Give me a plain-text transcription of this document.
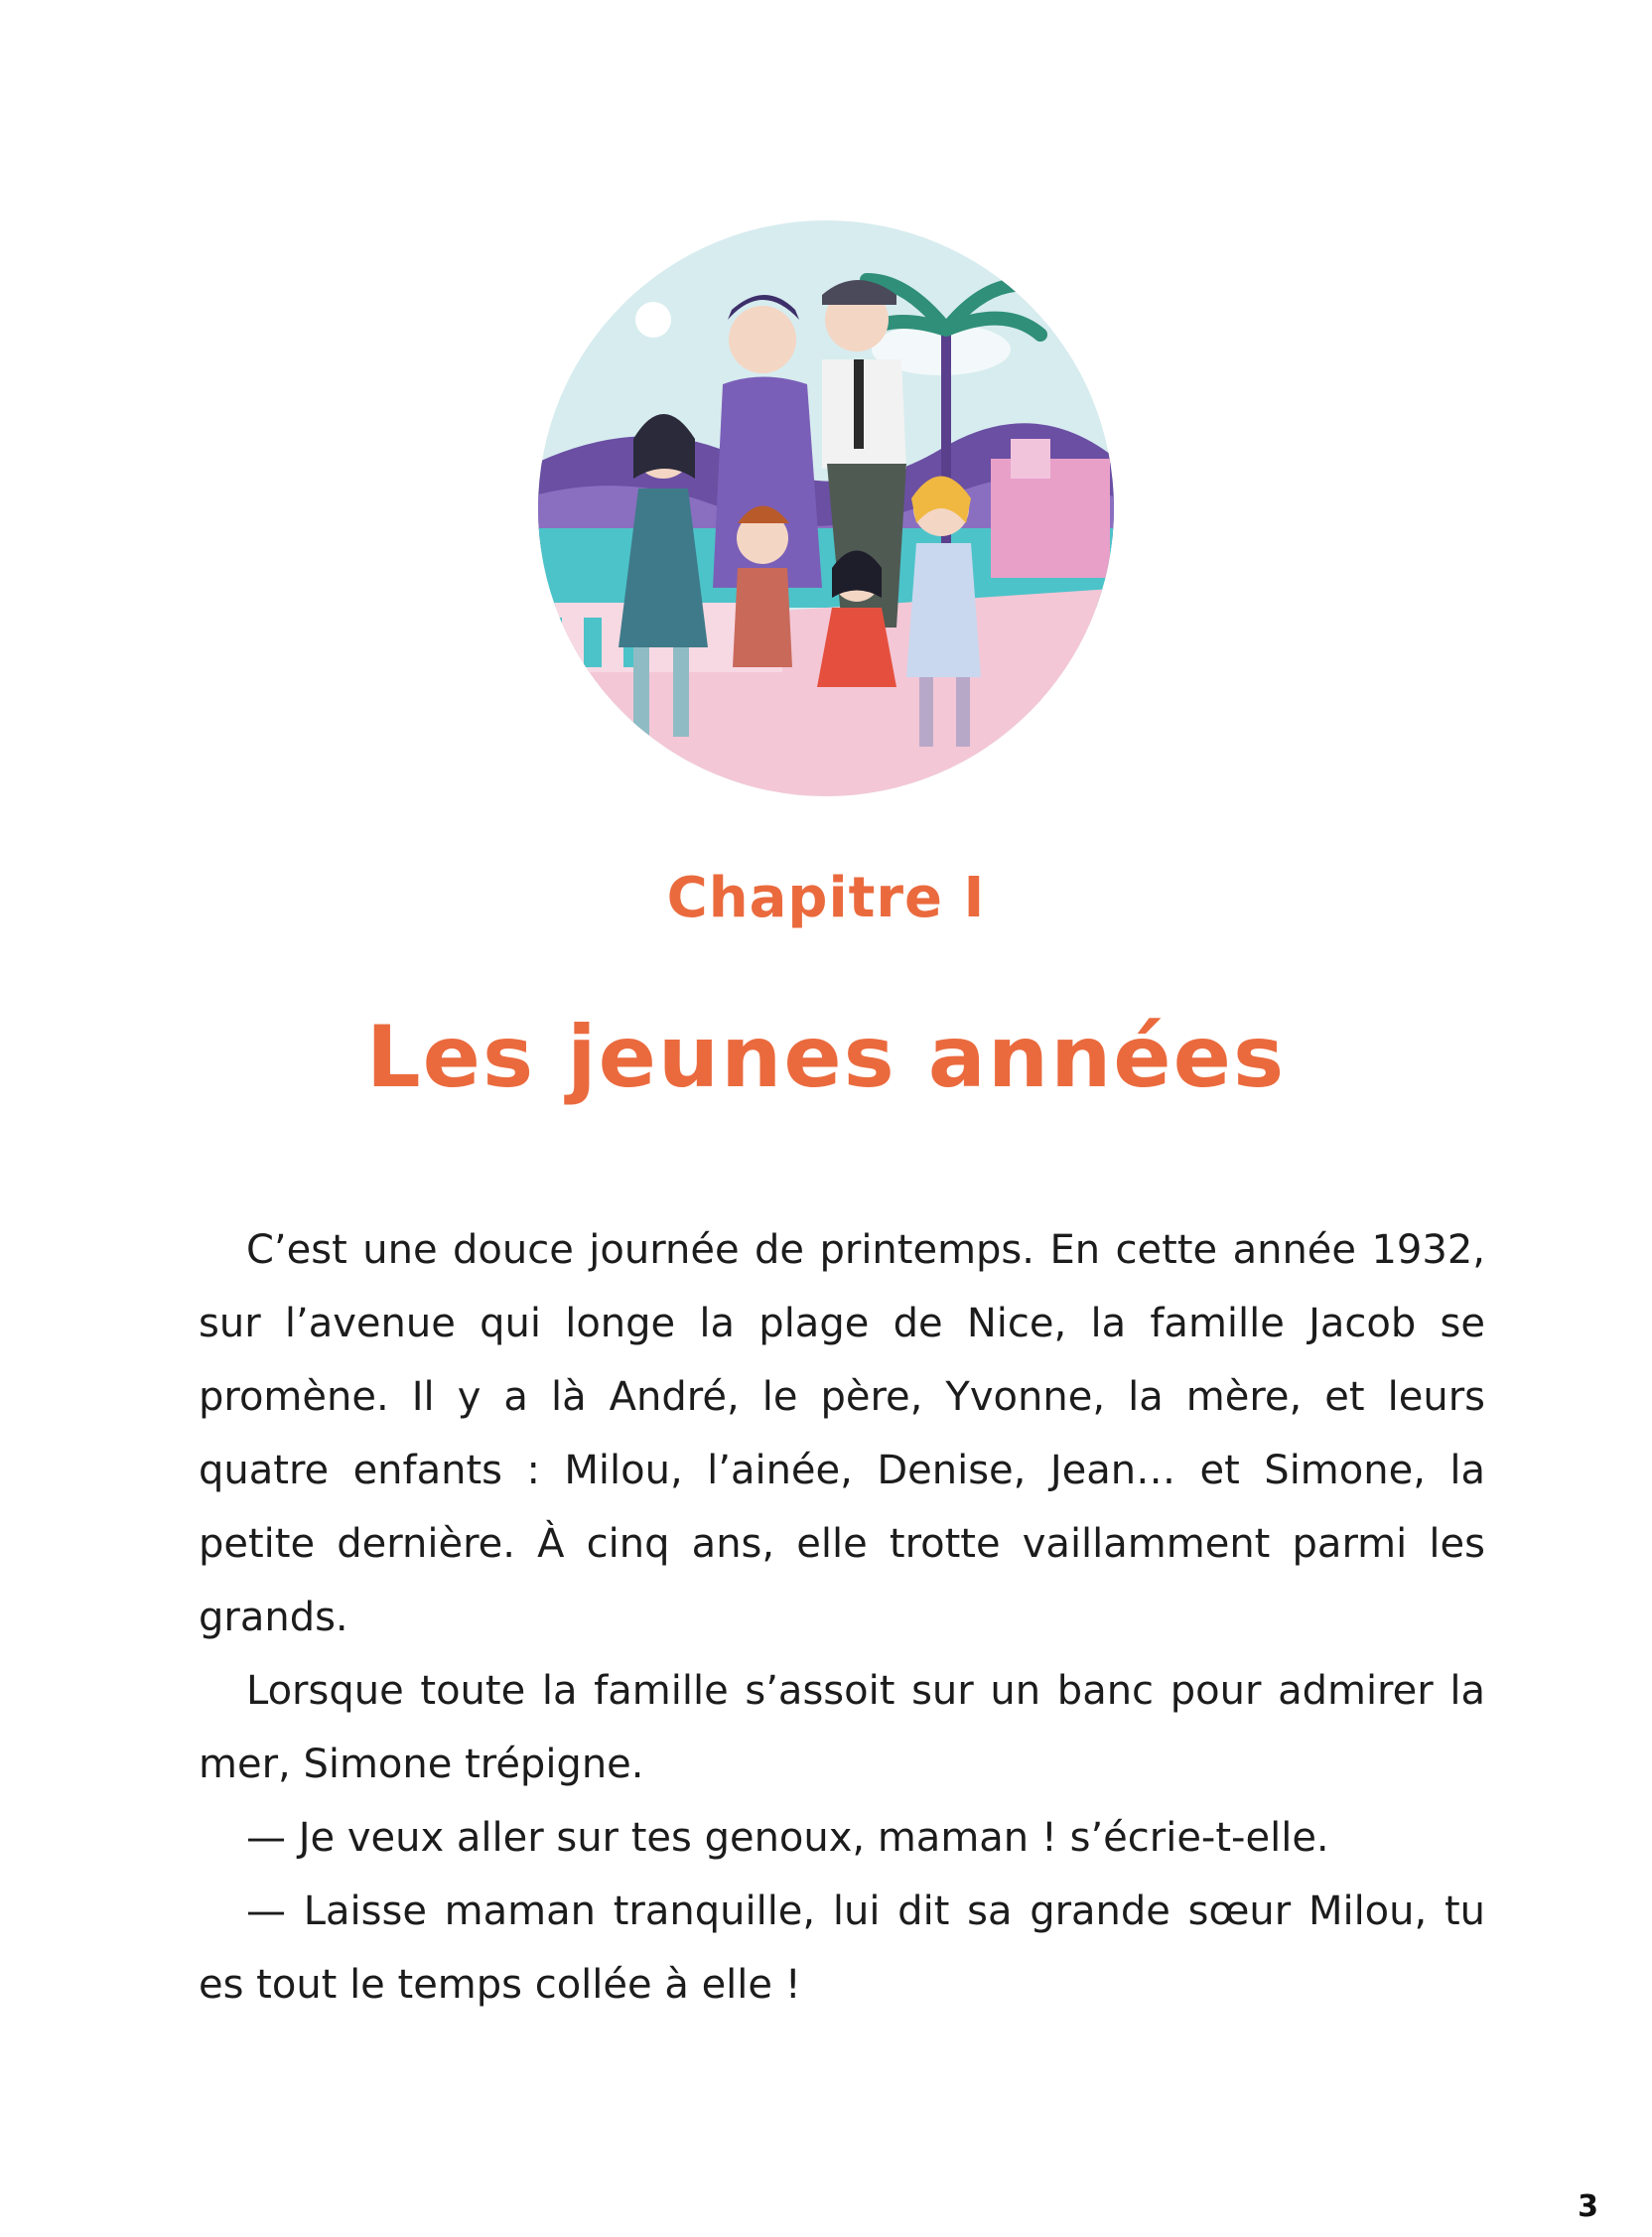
Chapitre I
Les jeunes années

C’est une douce journée de printemps. En cette année 1932, sur l’avenue qui longe la plage de Nice, la famille Jacob se promène. Il y a là André, le père, Yvonne, la mère, et leurs quatre enfants : Milou, l’ainée, Denise, Jean… et Simone, la petite dernière. À cinq ans, elle trotte vaillamment parmi les grands.

Lorsque toute la famille s’assoit sur un banc pour admirer la mer, Simone trépigne.

— Je veux aller sur tes genoux, maman ! s’écrie-t-elle.

— Laisse maman tranquille, lui dit sa grande sœur Milou, tu es tout le temps collée à elle !

3
